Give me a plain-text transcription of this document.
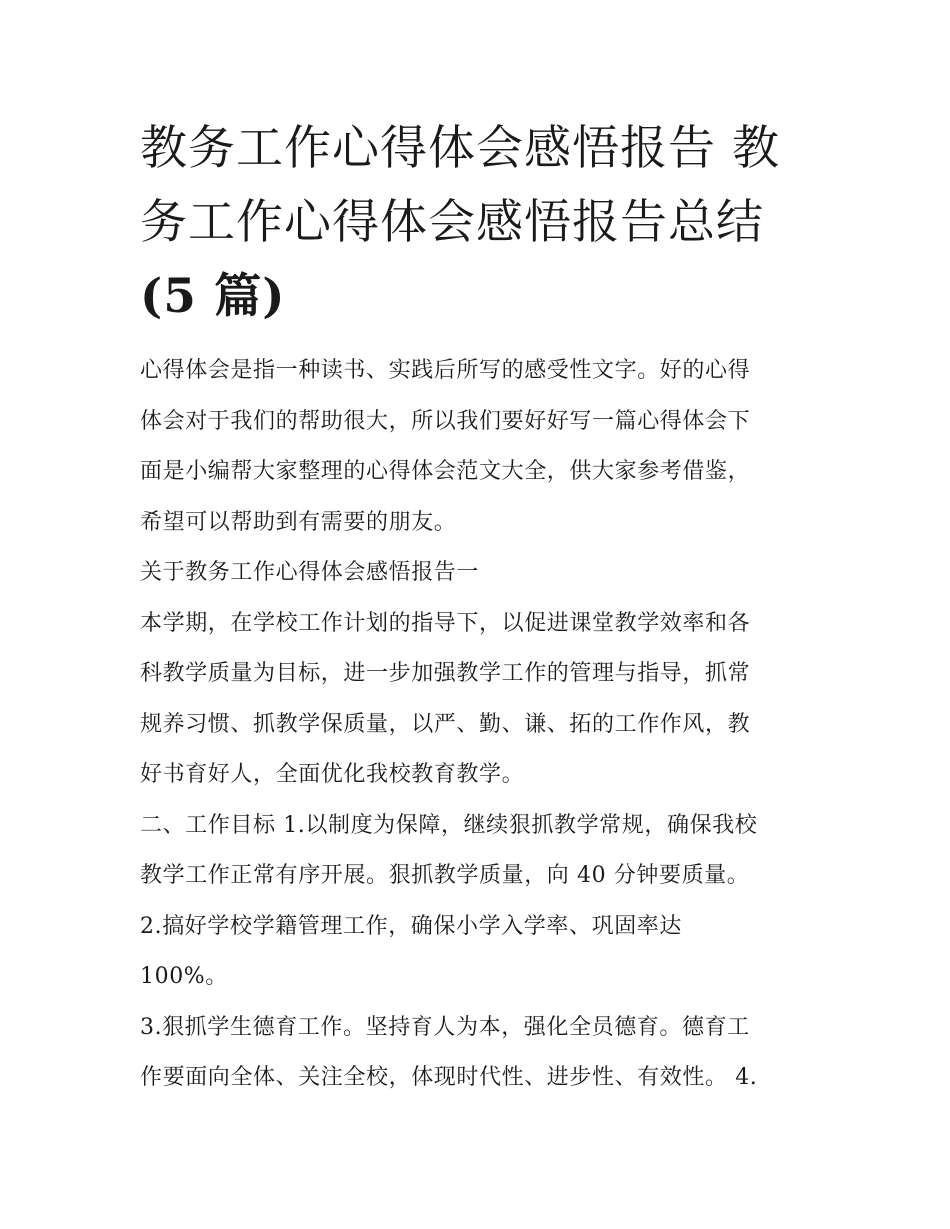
教务工作心得体会感悟报告 教
务工作心得体会感悟报告总结
(5 篇)
心得体会是指一种读书、实践后所写的感受性文字。好的心得
体会对于我们的帮助很大，所以我们要好好写一篇心得体会下
面是小编帮大家整理的心得体会范文大全，供大家参考借鉴，
希望可以帮助到有需要的朋友。
关于教务工作心得体会感悟报告一
本学期，在学校工作计划的指导下，以促进课堂教学效率和各
科教学质量为目标，进一步加强教学工作的管理与指导，抓常
规养习惯、抓教学保质量，以严、勤、谦、拓的工作作风，教
好书育好人，全面优化我校教育教学。
二、工作目标 1.以制度为保障，继续狠抓教学常规，确保我校
教学工作正常有序开展。狠抓教学质量，向 40 分钟要质量。
2.搞好学校学籍管理工作，确保小学入学率、巩固率达
100%。
3.狠抓学生德育工作。坚持育人为本，强化全员德育。德育工
作要面向全体、关注全校，体现时代性、进步性、有效性。 4.
